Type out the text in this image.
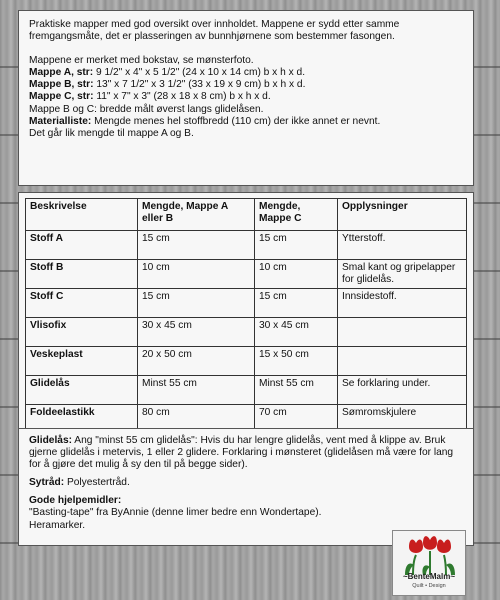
Praktiske mapper med god oversikt over innholdet. Mappene er sydd etter samme fremgangsmåte, det er plasseringen av bunnhjørnene som bestemmer fasongen.

Mappene er merket med bokstav, se mønsterfoto.

Mappe A, str: 9 1/2" x 4" x 5 1/2" (24 x 10 x 14 cm) b x h x d.

Mappe B, str: 13" x 7 1/2" x 3 1/2" (33 x 19 x 9 cm) b x h x d.

Mappe C, str: 11" x 7" x 3" (28 x 18 x 8 cm) b x h x d.

Mappe B og C: bredde målt øverst langs glidelåsen.

Materialliste: Mengde menes hel stoffbredd (110 cm) der ikke annet er nevnt.

Det går lik mengde til mappe A og B.

Beskrivelse	Mengde, Mappe A eller B	Mengde, Mappe C	Opplysninger
Stoff A	15 cm	15 cm	Ytterstoff.
Stoff B	10 cm	10 cm	Smal kant og gripelapper for glidelås.
Stoff C	15 cm	15 cm	Innsidestoff.
Vlisofix	30 x 45 cm	30 x 45 cm	
Veskeplast	20 x 50 cm	15 x 50 cm	
Glidelås	Minst 55 cm	Minst 55 cm	Se forklaring under.
Foldeelastikk	80 cm	70 cm	Sømromskjulere

Glidelås: Ang "minst 55 cm glidelås": Hvis du har lengre glidelås, vent med å klippe av. Bruk gjerne glidelås i metervis, 1 eller 2 glidere. Forklaring i mønsteret (glidelåsen må være for lang for å gjøre det mulig å sy den til på begge sider).

Sytråd: Polyestertråd.

Gode hjelpemidler:

"Basting-tape" fra ByAnnie (denne limer bedre enn Wondertape).

Heramarker.

~BenteMalm~
Quilt • Design
